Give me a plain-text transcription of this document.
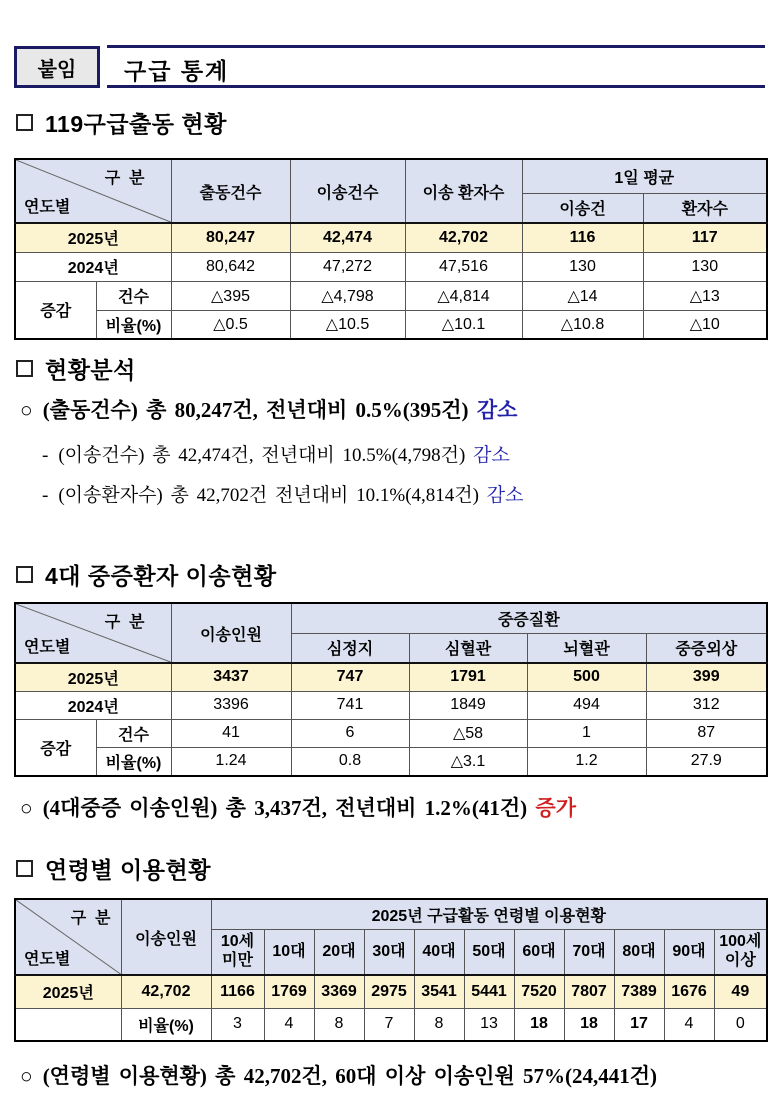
붙임 구급 통계
119구급출동 현황
구  분
연도별		출동건수	이송건수	이송 환자수	1일 평균	
					이송건	환자수
2025년		80,247	42,474	42,702	116	117
2024년		80,642	47,272	47,516	130	130
증감	건수	△395	△4,798	△4,814	△14	△13
	비율(%)	△0.5	△10.5	△10.1	△10.8	△10
현황분석
○ (출동건수) 총 80,247건, 전년대비 0.5%(395건) 감소
- (이송건수) 총 42,474건, 전년대비 10.5%(4,798건) 감소
- (이송환자수) 총 42,702건 전년대비 10.1%(4,814건) 감소
4대 중증환자 이송현황
구  분
연도별		이송인원	중증질환			
			심정지	심혈관	뇌혈관	중증외상
2025년		3437	747	1791	500	399
2024년		3396	741	1849	494	312
증감	건수	41	6	△58	1	87
	비율(%)	1.24	0.8	△3.1	1.2	27.9
○ (4대중증 이송인원) 총 3,437건, 전년대비 1.2%(41건) 증가
연령별 이용현황
구  분
연도별	이송인원	2025년 구급활동 연령별 이용현황										
		10세 미만	10대	20대	30대	40대	50대	60대	70대	80대	90대	100세 이상
2025년	42,702	1166	1769	3369	2975	3541	5441	7520	7807	7389	1676	49
	비율(%)	3	4	8	7	8	13	18	18	17	4	0
○ (연령별 이용현황) 총 42,702건, 60대 이상 이송인원 57%(24,441건)
